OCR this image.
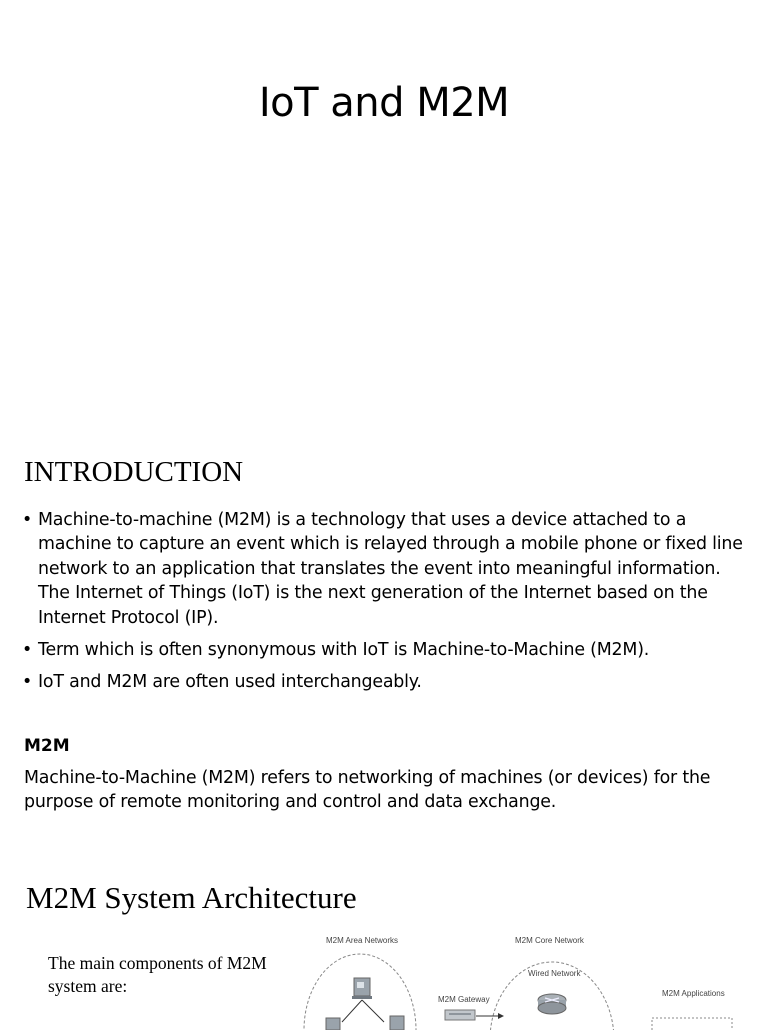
IoT and M2M
INTRODUCTION
• Machine-to-machine (M2M) is a technology that uses a device attached to a machine to capture an event which is relayed through a mobile phone or fixed line network to an application that translates the event into meaningful information. The Internet of Things (IoT) is the next generation of the Internet based on the Internet Protocol (IP).
• Term which is often synonymous with IoT is Machine-to-Machine (M2M).
• IoT and M2M are often used interchangeably.
M2M
Machine-to-Machine (M2M) refers to networking of machines (or devices) for the purpose of remote monitoring and control and data exchange.
M2M System Architecture
The main components of M2M system are:
M2M Area Networks	M2M Core Network
Wired Network
M2M Gateway
M2M Applications
